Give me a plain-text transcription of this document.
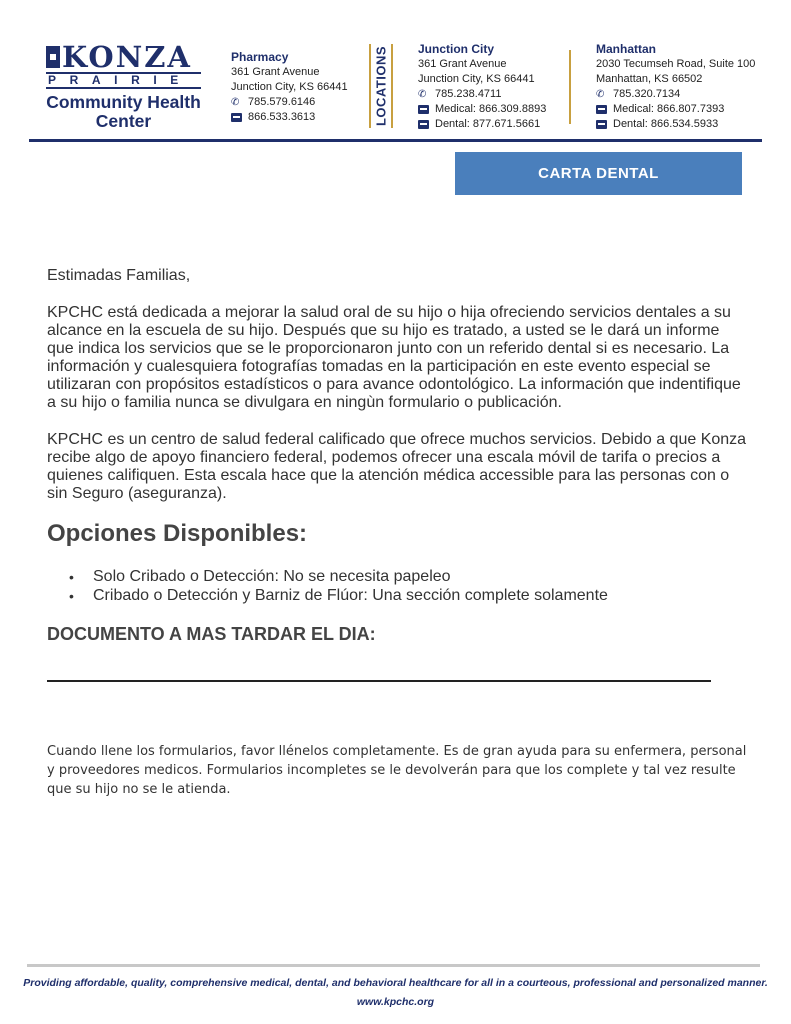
KONZA
PRAIRIE
Community Health
Center
Pharmacy
361 Grant Avenue
Junction City, KS 66441
✆ 785.579.6146
866.533.3613	LOCATIONS Junction City
361 Grant Avenue
Junction City, KS 66441
✆ 785.238.4711
Medical: 866.309.8893
Dental: 877.671.5661
Manhattan
2030 Tecumseh Road, Suite 100
Manhattan, KS 66502
✆ 785.320.7134
Medical: 866.807.7393
Dental: 866.534.5933
CARTA DENTAL
Estimadas Familias,
KPCHC está dedicada a mejorar la salud oral de su hijo o hija ofreciendo servicios dentales a su alcance en la escuela de su hijo. Después que su hijo es tratado, a usted se le dará un informe que indica los servicios que se le proporcionaron junto con un referido dental si es necesario. La información y cualesquiera fotografías tomadas en la participación en este evento especial se utilizaran con propósitos estadísticos o para avance odontológico. La información que indentifique a su hijo o familia nunca se divulgara en ningùn formulario o publicación.
KPCHC es un centro de salud federal calificado que ofrece muchos servicios. Debido a que Konza recibe algo de apoyo financiero federal, podemos ofrecer una escala móvil de tarifa o precios a quienes califiquen. Esta escala hace que la atención médica accessible para las personas con o sin Seguro (aseguranza).
Opciones Disponibles:
• Solo Cribado o Detección: No se necesita papeleo
• Cribado o Detección y Barniz de Flúor: Una sección complete solamente
DOCUMENTO A MAS TARDAR EL DIA:
Cuando llene los formularios, favor llénelos completamente. Es de gran ayuda para su enfermera, personal y proveedores medicos. Formularios incompletes se le devolverán para que los complete y tal vez resulte que su hijo no se le atienda.
Providing affordable, quality, comprehensive medical, dental, and behavioral healthcare for all in a courteous, professional and personalized manner.
www.kpchc.org
